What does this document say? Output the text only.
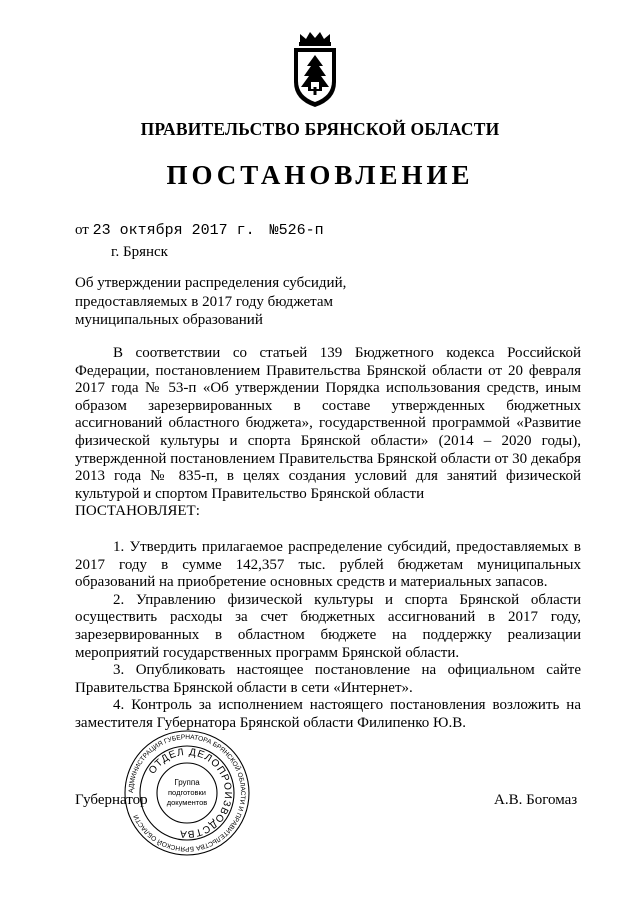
ПРАВИТЕЛЬСТВО БРЯНСКОЙ ОБЛАСТИ
ПОСТАНОВЛЕНИЕ
от 23 октября 2017 г. №526-п
г. Брянск
Об утверждении распределения субсидий,
предоставляемых в 2017 году бюджетам
муниципальных образований
В соответствии со статьей 139 Бюджетного кодекса Российской Федерации, постановлением Правительства Брянской области от 20 февраля 2017 года № 53-п «Об утверждении Порядка использования средств, иным образом зарезервированных в составе утвержденных бюджетных ассигнований областного бюджета», государственной программой «Развитие физической культуры и спорта Брянской области» (2014 – 2020 годы), утвержденной постановлением Правительства Брянской области от 30 декабря 2013 года № 835-п, в целях создания условий для занятий физической культурой и спортом Правительство Брянской области
ПОСТАНОВЛЯЕТ:
1. Утвердить прилагаемое распределение субсидий, предоставляемых в 2017 году в сумме 142,357 тыс. рублей бюджетам муниципальных образований на приобретение основных средств и материальных запасов.
2. Управлению физической культуры и спорта Брянской области осуществить расходы за счет бюджетных ассигнований в 2017 году, зарезервированных в областном бюджете на поддержку реализации мероприятий государственных программ Брянской области.
3. Опубликовать настоящее постановление на официальном сайте Правительства Брянской области в сети «Интернет».
4. Контроль за исполнением настоящего постановления возложить на заместителя Губернатора Брянской области Филипенко Ю.В.
Губернатор	А.В. Богомаз
АДМИНИСТРАЦИЯ ГУБЕРНАТОРА БРЯНСКОЙ ОБЛАСТИ И ПРАВИТЕЛЬСТВА БРЯНСКОЙ ОБЛАСТИ
ОТДЕЛ ДЕЛОПРОИЗВОДСТВА
Группа
подготовки
документов
